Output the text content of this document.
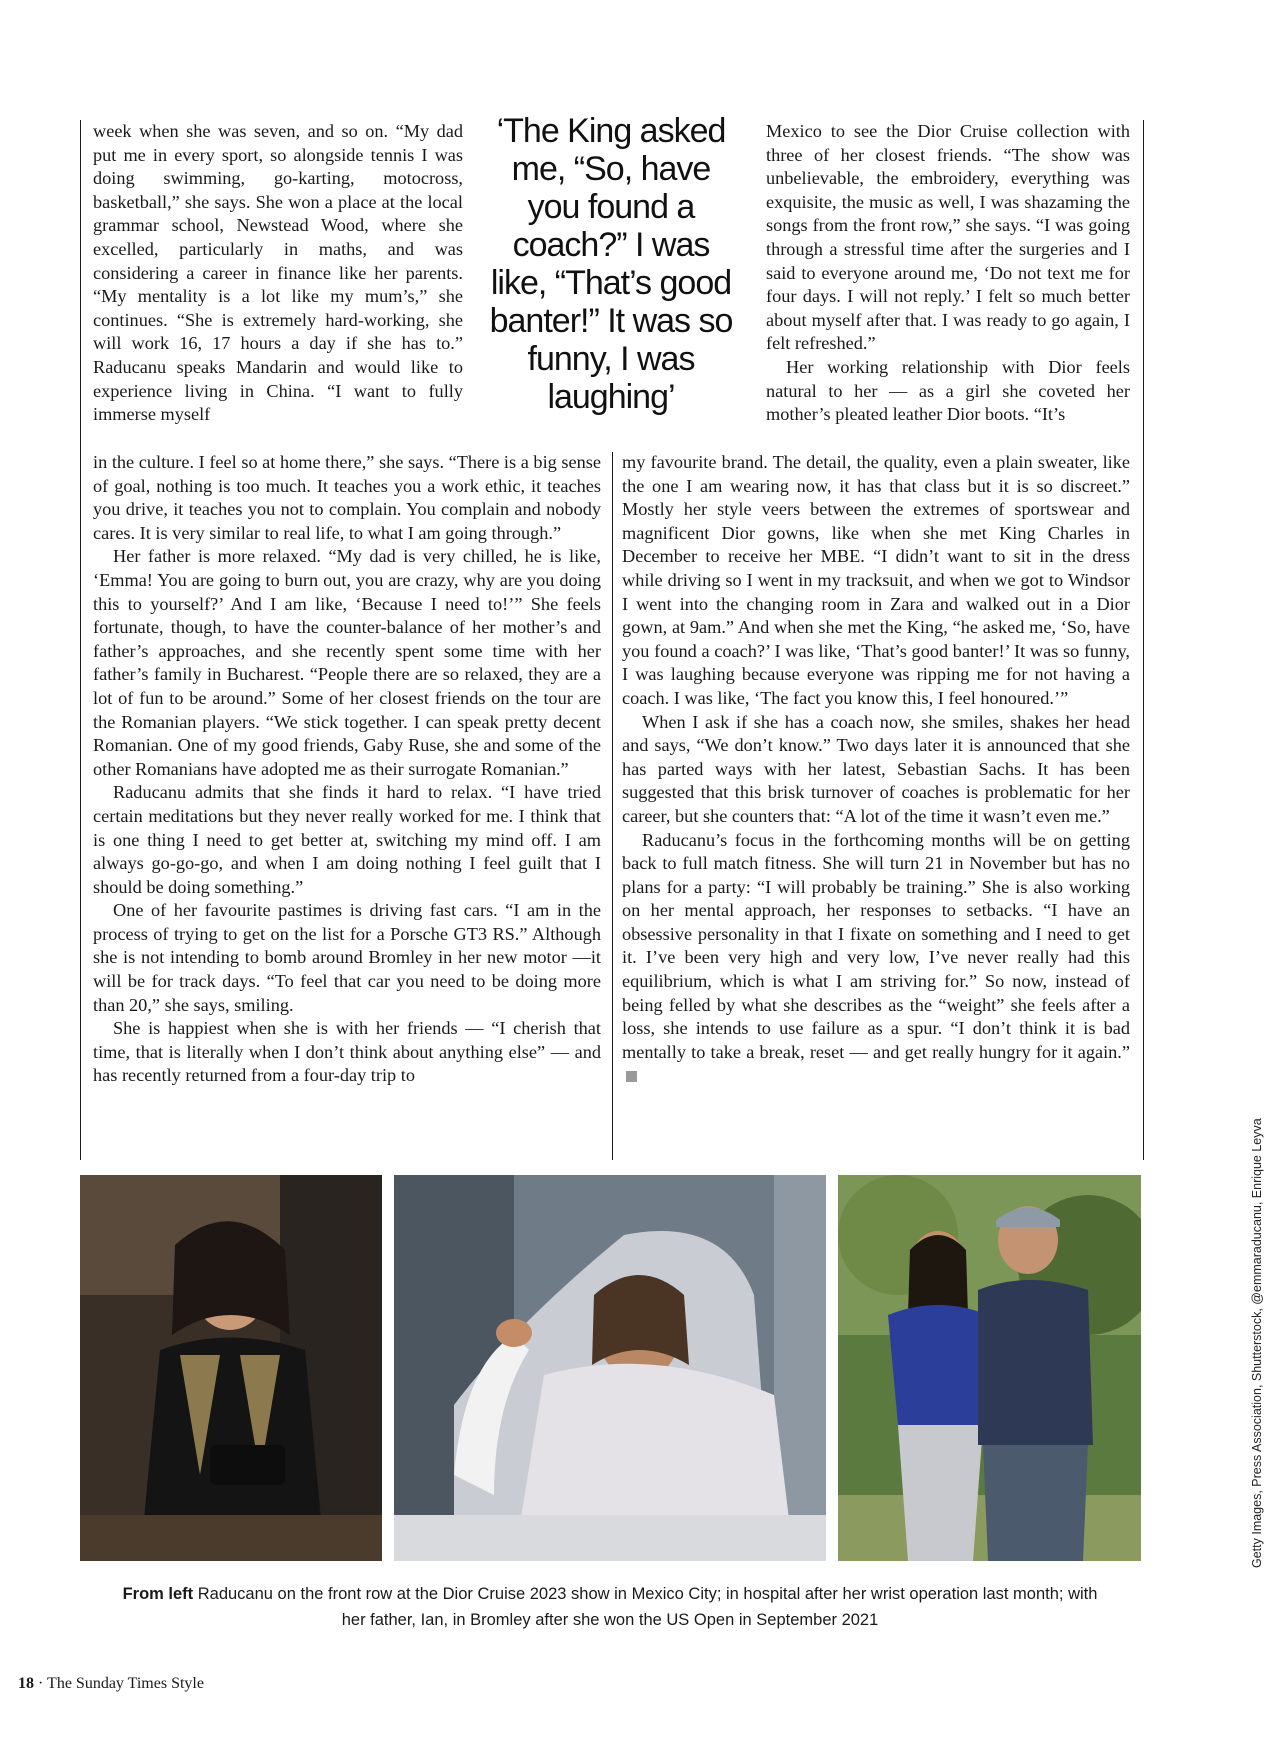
week when she was seven, and so on. “My dad put me in every sport, so alongside tennis I was doing swimming, go-karting, motocross, basketball,” she says. She won a place at the local grammar school, Newstead Wood, where she excelled, particularly in maths, and was considering a career in finance like her parents. “My mentality is a lot like my mum’s,” she continues. “She is extremely hard-working, she will work 16, 17 hours a day if she has to.” Raducanu speaks Mandarin and would like to experience living in China. “I want to fully immerse myself

‘The King asked me, “So, have you found a coach?” I was like, “That’s good banter!” It was so funny, I was laughing’

Mexico to see the Dior Cruise collection with three of her closest friends. “The show was unbelievable, the embroidery, everything was exquisite, the music as well, I was shazaming the songs from the front row,” she says. “I was going through a stressful time after the surgeries and I said to everyone around me, ‘Do not text me for four days. I will not reply.’ I felt so much better about myself after that. I was ready to go again, I felt refreshed.”

Her working relationship with Dior feels natural to her — as a girl she coveted her mother’s pleated leather Dior boots. “It’s

in the culture. I feel so at home there,” she says. “There is a big sense of goal, nothing is too much. It teaches you a work ethic, it teaches you drive, it teaches you not to complain. You complain and nobody cares. It is very similar to real life, to what I am going through.”

Her father is more relaxed. “My dad is very chilled, he is like, ‘Emma! You are going to burn out, you are crazy, why are you doing this to yourself?’ And I am like, ‘Because I need to!’” She feels fortunate, though, to have the counter-balance of her mother’s and father’s approaches, and she recently spent some time with her father’s family in Bucharest. “People there are so relaxed, they are a lot of fun to be around.” Some of her closest friends on the tour are the Romanian players. “We stick together. I can speak pretty decent Romanian. One of my good friends, Gaby Ruse, she and some of the other Romanians have adopted me as their surrogate Romanian.”

Raducanu admits that she finds it hard to relax. “I have tried certain meditations but they never really worked for me. I think that is one thing I need to get better at, switching my mind off. I am always go-go-go, and when I am doing nothing I feel guilt that I should be doing something.”

One of her favourite pastimes is driving fast cars. “I am in the process of trying to get on the list for a Porsche GT3 RS.” Although she is not intending to bomb around Bromley in her new motor —it will be for track days. “To feel that car you need to be doing more than 20,” she says, smiling.

She is happiest when she is with her friends — “I cherish that time, that is literally when I don’t think about anything else” — and has recently returned from a four-day trip to

my favourite brand. The detail, the quality, even a plain sweater, like the one I am wearing now, it has that class but it is so discreet.” Mostly her style veers between the extremes of sportswear and magnificent Dior gowns, like when she met King Charles in December to receive her MBE. “I didn’t want to sit in the dress while driving so I went in my tracksuit, and when we got to Windsor I went into the changing room in Zara and walked out in a Dior gown, at 9am.” And when she met the King, “he asked me, ‘So, have you found a coach?’ I was like, ‘That’s good banter!’ It was so funny, I was laughing because everyone was ripping me for not having a coach. I was like, ‘The fact you know this, I feel honoured.’”

When I ask if she has a coach now, she smiles, shakes her head and says, “We don’t know.” Two days later it is announced that she has parted ways with her latest, Sebastian Sachs. It has been suggested that this brisk turnover of coaches is problematic for her career, but she counters that: “A lot of the time it wasn’t even me.”

Raducanu’s focus in the forthcoming months will be on getting back to full match fitness. She will turn 21 in November but has no plans for a party: “I will probably be training.” She is also working on her mental approach, her responses to setbacks. “I have an obsessive personality in that I fixate on something and I need to get it. I’ve been very high and very low, I’ve never really had this equilibrium, which is what I am striving for.” So now, instead of being felled by what she describes as the “weight” she feels after a loss, she intends to use failure as a spur. “I don’t think it is bad mentally to take a break, reset — and get really hungry for it again.”

Getty Images, Press Association, Shutterstock, @emmaraducanu, Enrique Leyva
From left Raducanu on the front row at the Dior Cruise 2023 show in Mexico City; in hospital after her wrist operation last month; with her father, Ian, in Bromley after she won the US Open in September 2021
18 · The Sunday Times Style
